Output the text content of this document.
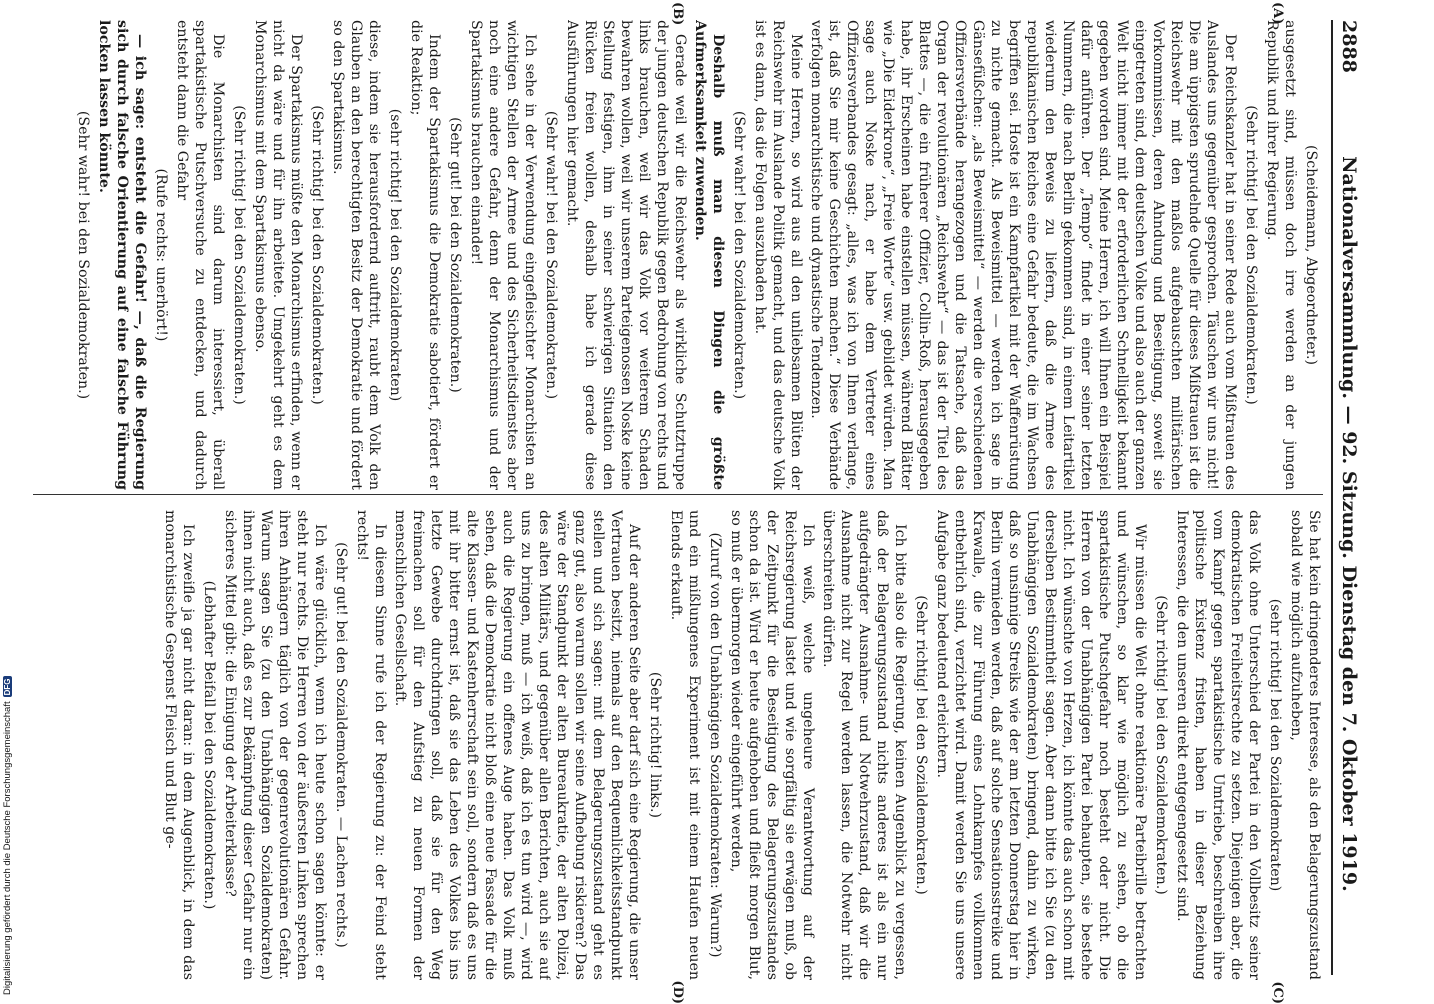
Digitalisierung gefördert durch die Deutsche Forschungsgemeinschaft
DFG
2888
Nationalversammlung. — 92. Sitzung. Dienstag den 7. Oktober 1919.
(A)
(B)
(C)
(D)

(Scheidemann, Abgeordneter.)

ausgesetzt sind, müssen doch irre werden an der jungen Republik und ihrer Regierung.

(Sehr richtig! bei den Sozialdemokraten.)

Der Reichskanzler hat in seiner Rede auch vom Mißtrauen des Auslandes uns gegenüber gesprochen. Täuschen wir uns nicht! Die am üppigsten sprudelnde Quelle für dieses Mißtrauen ist die Reichswehr mit den maßlos aufgebauschten militärischen Vorkommnissen, deren Ahndung und Beseitigung, soweit sie eingetreten sind, dem deutschen Volke und also auch der ganzen Welt nicht immer mit der erforderlichen Schnelligkeit bekannt gegeben worden sind. Meine Herren, ich will Ihnen ein Beispiel dafür anführen. Der „Tempo“ findet in einer seiner letzten Nummern, die nach Berlin gekommen sind, in einem Leitartikel wiederum den Beweis zu liefern, daß die Armee des republikanischen Reiches eine Gefahr bedeute, die im Wachsen begriffen sei. Hoste ist ein Kampfartikel mit der Waffenrüstung zu nichte gemacht. Als Beweismittel — werden ich sage in Gänsefüßchen: „als Beweismittel“ — werden die verschiedenen Offiziersverbände herangezogen und die Tatsache, daß das Organ der revolutionären „Reichswehr“ — das ist der Titel des Blattes —, die ein früherer Offizier, Collin-Roß, herausgegeben habe, ihr Erscheinen habe einstellen müssen, während Blätter wie „Die Eiderkrone“, „Freie Worte“ usw. gebildet würden. Man sage auch Noske nach, er habe dem Vertreter eines Offiziersverbandes gesagt: „alles, was ich von Ihnen verlange, ist, daß Sie mir keine Geschichten machen.“ Diese Verbände verfolgen monarchistische und dynastische Tendenzen.

Meine Herren, so wird aus all den unliebsamen Blüten der Reichswehr im Auslande Politik gemacht, und das deutsche Volk ist es dann, das die Folgen auszubaden hat.

(Sehr wahr! bei den Sozialdemokraten.)

Deshalb muß man diesen Dingen die größte Aufmerksamkeit zuwenden.

Gerade weil wir die Reichswehr als wirkliche Schutztruppe der jungen deutschen Republik gegen Bedrohung von rechts und links brauchen, weil wir das Volk vor weiterem Schaden bewahren wollen, weil wir unserem Parteigenossen Noske keine Stellung festigen, ihm in seiner schwierigen Situation den Rücken freien wollen, deshalb habe ich gerade diese Ausführungen hier gemacht.

(Sehr wahr! bei den Sozialdemokraten.)

Ich sehe in der Verwendung eingefleischter Monarchisten an wichtigen Stellen der Armee und des Sicherheitsdienstes aber noch eine andere Gefahr, denn der Monarchismus und der Spartakismus brauchen einander!

(Sehr gut! bei den Sozialdemokraten.)

Indem der Spartakismus die Demokratie sabotiert, fördert er die Reaktion;

(sehr richtig! bei den Sozialdemokraten)

diese, indem sie herausfordernd auftritt, raubt dem Volk den Glauben an den berechtigten Besitz der Demokratie und fördert so den Spartakismus.

(Sehr richtig! bei den Sozialdemokraten.)

Der Spartakismus müßte den Monarchismus erfinden, wenn er nicht da wäre und für ihn arbeitete. Umgekehrt geht es dem Monarchismus mit dem Spartakismus ebenso.

(Sehr richtig! bei den Sozialdemokraten.)

Die Monarchisten sind darum interessiert, überall spartakistische Putschversuche zu entdecken, und dadurch entsteht dann die Gefahr

(Rufe rechts: unerhört!)

— ich sage: entsteht die Gefahr! —, daß die Regierung sich durch falsche Orientierung auf eine falsche Führung locken lassen könnte.

(Sehr wahr! bei den Sozialdemokraten.)

Sie hat kein dringenderes Interesse, als den Belagerungszustand sobald wie möglich aufzuheben,

(sehr richtig! bei den Sozialdemokraten)

das Volk ohne Unterschied der Partei in den Vollbesitz seiner demokratischen Freiheitsrechte zu setzen. Diejenigen aber, die vom Kampf gegen spartakistische Umtriebe, beschreiben ihre politische Existenz fristen, haben in dieser Beziehung Interessen, die den unseren direkt entgegengesetzt sind.

(Sehr richtig! bei den Sozialdemokraten.)

Wir müssen die Welt ohne reaktionäre Parteibrille betrachten und wünschen, so klar wie möglich zu sehen, ob die spartakistische Putschgefahr noch besteht oder nicht. Die Herren von der Unabhängigen Partei behaupten, sie bestehe nicht. Ich wünschte von Herzen, ich könnte das auch schon mit derselben Bestimmtheit sagen. Aber dann bitte ich Sie (zu den Unabhängigen Sozialdemokraten) bringend, dahin zu wirken, daß so unsinnige Streiks wie der am letzten Donnerstag hier in Berlin vermieden werden, daß auf solche Sensationsstreike und Krawalle, die zur Führung eines Lohnkampfes vollkommen entbehrlich sind, verzichtet wird. Damit werden Sie uns unsere Aufgabe ganz bedeutend erleichtern.

(Sehr richtig! bei den Sozialdemokraten.)

Ich bitte also die Regierung, keinen Augenblick zu vergessen, daß der Belagerungszustand nichts anderes ist als ein nur aufgedrängter Ausnahme- und Notwehrzustand, daß wir die Ausnahme nicht zur Regel werden lassen, die Notwehr nicht überschreiten dürfen.

Ich weiß, welche ungeheure Verantwortung auf der Reichsregierung lastet und wie sorgfältig sie erwägen muß, ob der Zeitpunkt für die Beseitigung des Belagerungszustandes schon da ist. Wird er heute aufgehoben und fließt morgen Blut, so muß er übermorgen wieder eingeführt werden,

(Zuruf von den Unabhängigen Sozialdemokraten: Warum?)

und ein mißlungenes Experiment ist mit einem Haufen neuen Elends erkauft.

(Sehr richtig! links.)

Auf der anderen Seite aber darf sich eine Regierung, die unser Vertrauen besitzt, niemals auf den Bequemlichkeitsstandpunkt stellen und sich sagen: mit dem Belagerungszustand geht es ganz gut, also warum sollen wir seine Aufhebung riskieren? Das wäre der Standpunkt der alten Bureaukratie, der alten Polizei, des alten Militärs, und gegenüber allen Berichten, auch sie auf uns zu bringen, muß — ich weiß, daß ich es tun wird —, wird auch die Regierung ein offenes Auge haben. Das Volk muß sehen, daß die Demokratie nicht bloß eine neue Fassade für die alte Klassen- und Kastenherrschaft sein soll, sondern daß es uns mit ihr bitter ernst ist, daß sie das Leben des Volkes bis ins letzte Gewebe durchdringen soll, daß sie für den Weg freimachen soll für den Aufstieg zu neuen Formen der menschlichen Gesellschaft.

In diesem Sinne rufe ich der Regierung zu: der Feind steht rechts!

(Sehr gut! bei den Sozialdemokraten. — Lachen rechts.)

Ich wäre glücklich, wenn ich heute schon sagen könnte: er steht nur rechts. Die Herren von der äußersten Linken sprechen ihren Anhängern täglich von der gegenrevolutionären Gefahr. Warum sagen Sie (zu den Unabhängigen Sozialdemokraten) ihnen nicht auch, daß es zur Bekämpfung dieser Gefahr nur ein sicheres Mittel gibt: die Einigung der Arbeiterklasse?

(Lebhafter Beifall bei den Sozialdemokraten.)

Ich zweifle ja gar nicht daran: in dem Augenblick, in dem das monarchistische Gespenst Fleisch und Blut ge-
